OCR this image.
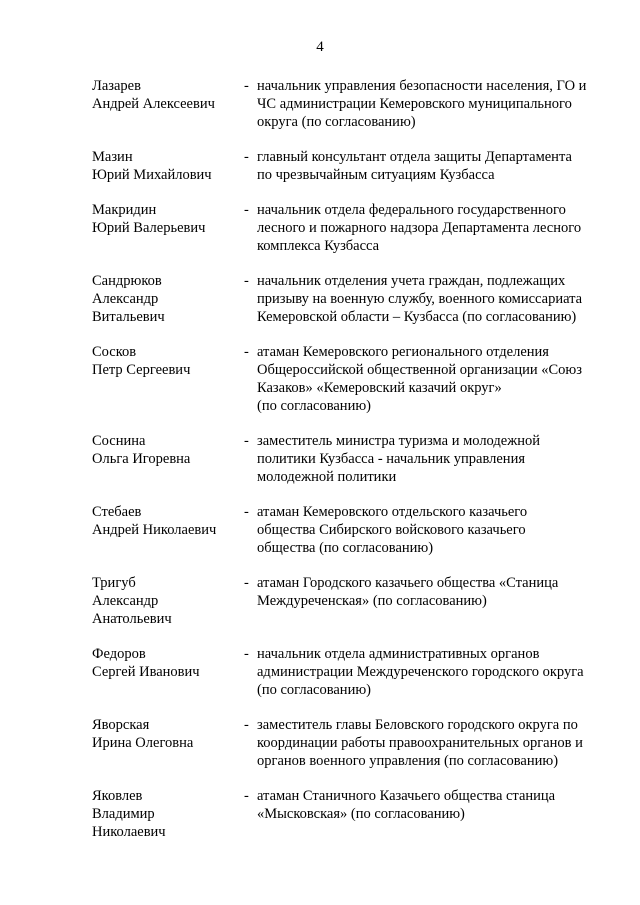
4
Лазарев
Андрей Алексеевич
- начальник управления безопасности населения, ГО и
ЧС администрации Кемеровского муниципального
округа (по согласованию)
Мазин
Юрий Михайлович
- главный консультант отдела защиты Департамента
по чрезвычайным ситуациям Кузбасса
Макридин
Юрий Валерьевич
- начальник отдела федерального государственного
лесного и пожарного надзора Департамента лесного
комплекса Кузбасса
Сандрюков
Александр
Витальевич
- начальник отделения учета граждан, подлежащих
призыву на военную службу, военного комиссариата
Кемеровской области – Кузбасса (по согласованию)
Сосков
Петр Сергеевич
- атаман Кемеровского регионального отделения
Общероссийской общественной организации «Союз
Казаков» «Кемеровский казачий округ»
(по согласованию)
Соснина
Ольга Игоревна
- заместитель министра туризма и молодежной
политики Кузбасса - начальник управления
молодежной политики
Стебаев
Андрей Николаевич
- атаман Кемеровского отдельского казачьего
общества Сибирского войскового казачьего
общества (по согласованию)
Тригуб
Александр
Анатольевич
- атаман Городского казачьего общества «Станица
Междуреченская» (по согласованию)
Федоров
Сергей Иванович
- начальник отдела административных органов
администрации Междуреченского городского округа
(по согласованию)
Яворская
Ирина Олеговна
- заместитель главы Беловского городского округа по
координации работы правоохранительных органов и
органов военного управления (по согласованию)
Яковлев
Владимир
Николаевич
- атаман Станичного Казачьего общества станица
«Мысковская» (по согласованию)
